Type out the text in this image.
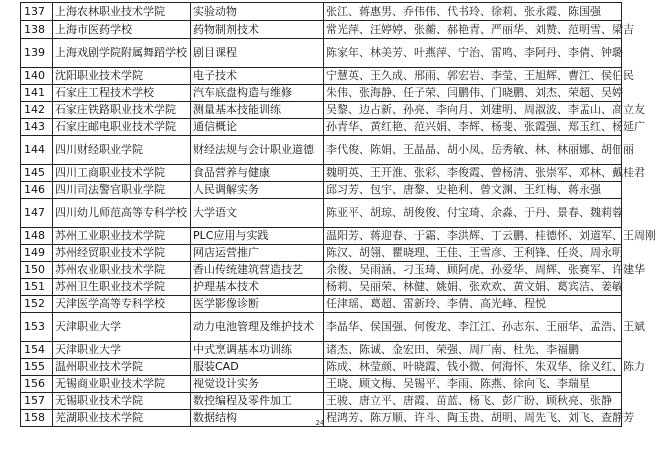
137	上海农林职业技术学院	实验动物	张江、蒋惠男、乔伟伟、代书玲、徐莉、张永霞、陈国强
138	上海市医药学校	药物制剂技术	常光萍、汪婷婷、张蘅、郝艳青、严丽华、刘赞、范明雪、梁吉
139	上海戏剧学院附属舞蹈学校	剧目课程	陈家年、林美芳、叶燕萍、宁治、雷鸣、李阿丹、李倩、钟璐
140	沈阳职业技术学院	电子技术	宁慧英、王久成、邢雨、郭宏岩、李莹、王旭辉、曹江、侯伯民
141	石家庄工程技术学校	汽车底盘构造与维修	朱伟、张海静、任子荣、闫鹏伟、门晓鹏、刘杰、荣超、吴婷
142	石家庄铁路职业技术学院	测量基本技能训练	吴黎、边占新、孙亮、李向月、刘建明、周淑波、李孟山、高立友
143	石家庄邮电职业技术学院	通信概论	孙青华、黄红艳、范兴娟、李辉、杨斐、张霞强、郑玉红、杨延广
144	四川财经职业学院	财经法规与会计职业道德	李代俊、陈娟、王晶晶、胡小凤、岳秀敏、林、林丽娜、胡佃丽
145	四川工商职业技术学院	食品营养与健康	魏明英、王开淮、张彩、李俊霞、曾杨清、张崇军、邓林、戴桂君
146	四川司法警官职业学院	人民调解实务	邱习芳、包宇、唐黎、史艳利、曾文渊、王红梅、蒋永强
147	四川幼儿师范高等专科学校	大学语文	陈亚平、胡琼、胡俊俊、付宝琦、余淼、于丹、景春、魏莉蓉
148	苏州工业职业技术学院	PLC应用与实践	温阳芳、蒋迎春、于霜、李洪辉、丁云鹏、桂德怀、刘道军、王周刚
149	苏州经贸职业技术学院	网店运营推广	陈汉、胡翎、瞿晓理、王佳、王雪彦、王利锋、任炎、周永明
150	苏州农业职业技术学院	香山传统建筑营造技艺	余俊、吴雨涵、刁玉琦、顾阿虎、孙爱华、周辉、张赛军、许建华
151	苏州卫生职业技术学院	护理基本技术	杨莉、吴丽荣、林健、姚娟、张欢欢、黄文娟、葛宾洁、姜敏
152	天津医学高等专科学校	医学影像诊断	任津瑶、葛超、雷新玲、李倩、高光峰、程悦
153	天津职业大学	动力电池管理及维护技术	李晶华、侯国强、何俊龙、李江江、孙志东、王丽华、孟浩、王斌
154	天津职业大学	中式烹调基本功训练	诸杰、陈诚、金宏田、荣强、周厂南、杜先、李福鹏
155	温州职业技术学院	服装CAD	陈成、林莹颜、叶晓霞、钱小微、何海怀、朱双华、徐义红、陈力
156	无锡商业职业技术学院	视觉设计实务	王晓、顾文梅、吴锡平、李雨、陈燕、徐向飞、李瑞星
157	无锡职业技术学院	数控编程及零件加工	王骏、唐立平、唐霞、苗蓝、杨飞、彭广盼、顾秋亮、张静
158	芜湖职业技术学院	数据结构	程鸿芳、陈万顺、许斗、陶玉贵、胡明、周先飞、刘飞、查静芳
24
